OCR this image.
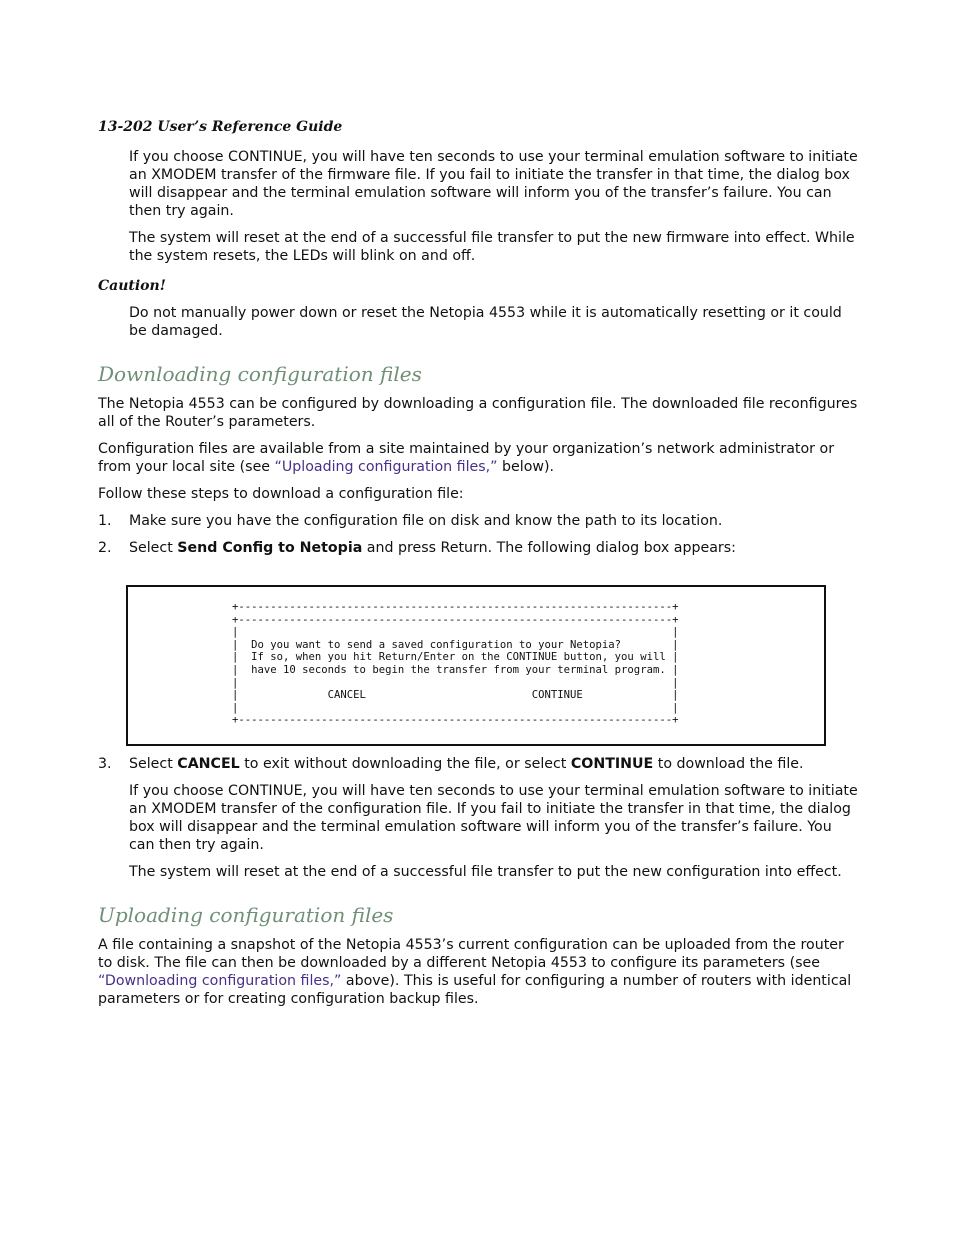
13-202 User’s Reference Guide

If you choose CONTINUE, you will have ten seconds to use your terminal emulation software to initiate an XMODEM transfer of the firmware file. If you fail to initiate the transfer in that time, the dialog box will disappear and the terminal emulation software will inform you of the transfer’s failure. You can then try again.

The system will reset at the end of a successful file transfer to put the new firmware into effect. While the system resets, the LEDs will blink on and off.

Caution!

Do not manually power down or reset the Netopia 4553 while it is automatically resetting or it could be damaged.

Downloading configuration files

The Netopia 4553 can be configured by downloading a configuration file. The downloaded file reconfigures all of the Router’s parameters.

Configuration files are available from a site maintained by your organization’s network administrator or from your local site (see “Uploading configuration files,” below).

Follow these steps to download a configuration file:

1. Make sure you have the configuration file on disk and know the path to its location.
2. Select Send Config to Netopia and press Return. The following dialog box appears:
+--------------------------------------------------------------------+
+--------------------------------------------------------------------+
|                                                                    |
|  Do you want to send a saved configuration to your Netopia?        |
|  If so, when you hit Return/Enter on the CONTINUE button, you will |
|  have 10 seconds to begin the transfer from your terminal program. |
|                                                                    |
|              CANCEL                          CONTINUE              |
|                                                                    |
+--------------------------------------------------------------------+
3. Select CANCEL to exit without downloading the file, or select CONTINUE to download the file.

If you choose CONTINUE, you will have ten seconds to use your terminal emulation software to initiate an XMODEM transfer of the configuration file. If you fail to initiate the transfer in that time, the dialog box will disappear and the terminal emulation software will inform you of the transfer’s failure. You can then try again.

The system will reset at the end of a successful file transfer to put the new configuration into effect.

Uploading configuration files

A file containing a snapshot of the Netopia 4553’s current configuration can be uploaded from the router to disk. The file can then be downloaded by a different Netopia 4553 to configure its parameters (see “Downloading configuration files,” above). This is useful for configuring a number of routers with identical parameters or for creating configuration backup files.
